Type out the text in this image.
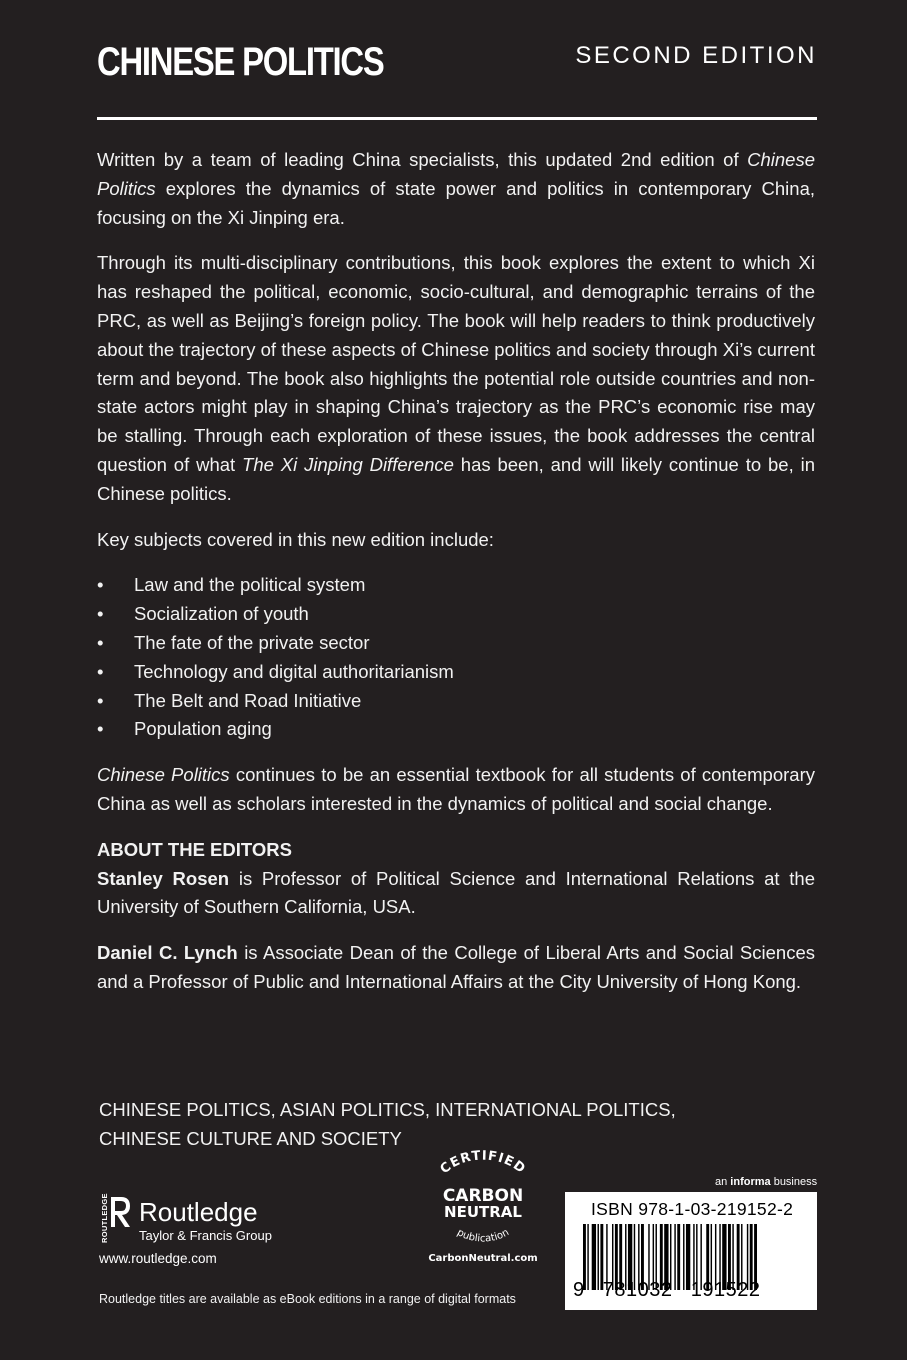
CHINESE POLITICS	SECOND EDITION

Written by a team of leading China specialists, this updated 2nd edition of Chinese Politics explores the dynamics of state power and politics in contemporary China, focusing on the Xi Jinping era.

Through its multi-disciplinary contributions, this book explores the extent to which Xi has reshaped the political, economic, socio-cultural, and demographic terrains of the PRC, as well as Beijing’s foreign policy. The book will help readers to think productively about the trajectory of these aspects of Chinese politics and society through Xi’s current term and beyond. The book also highlights the potential role outside countries and non-state actors might play in shaping China’s trajectory as the PRC’s economic rise may be stalling. Through each exploration of these issues, the book addresses the central question of what The Xi Jinping Difference has been, and will likely continue to be, in Chinese politics.

Key subjects covered in this new edition include:

• Law and the political system
• Socialization of youth
• The fate of the private sector
• Technology and digital authoritarianism
• The Belt and Road Initiative
• Population aging

Chinese Politics continues to be an essential textbook for all students of contemporary China as well as scholars interested in the dynamics of political and social change.

ABOUT THE EDITORS

Stanley Rosen is Professor of Political Science and International Relations at the University of Southern California, USA.

Daniel C. Lynch is Associate Dean of the College of Liberal Arts and Social Sciences and a Professor of Public and International Affairs at the City University of Hong Kong.

CHINESE POLITICS, ASIAN POLITICS, INTERNATIONAL POLITICS,
CHINESE CULTURE AND SOCIETY
ROUTLEDGE Routledge
Taylor & Francis Group
www.routledge.com
CERTIFIED
CARBON
NEUTRAL
publication
CarbonNeutral.com
an informa business
ISBN 978-1-03-219152-2
9   781032   191522
Routledge titles are available as eBook editions in a range of digital formats
